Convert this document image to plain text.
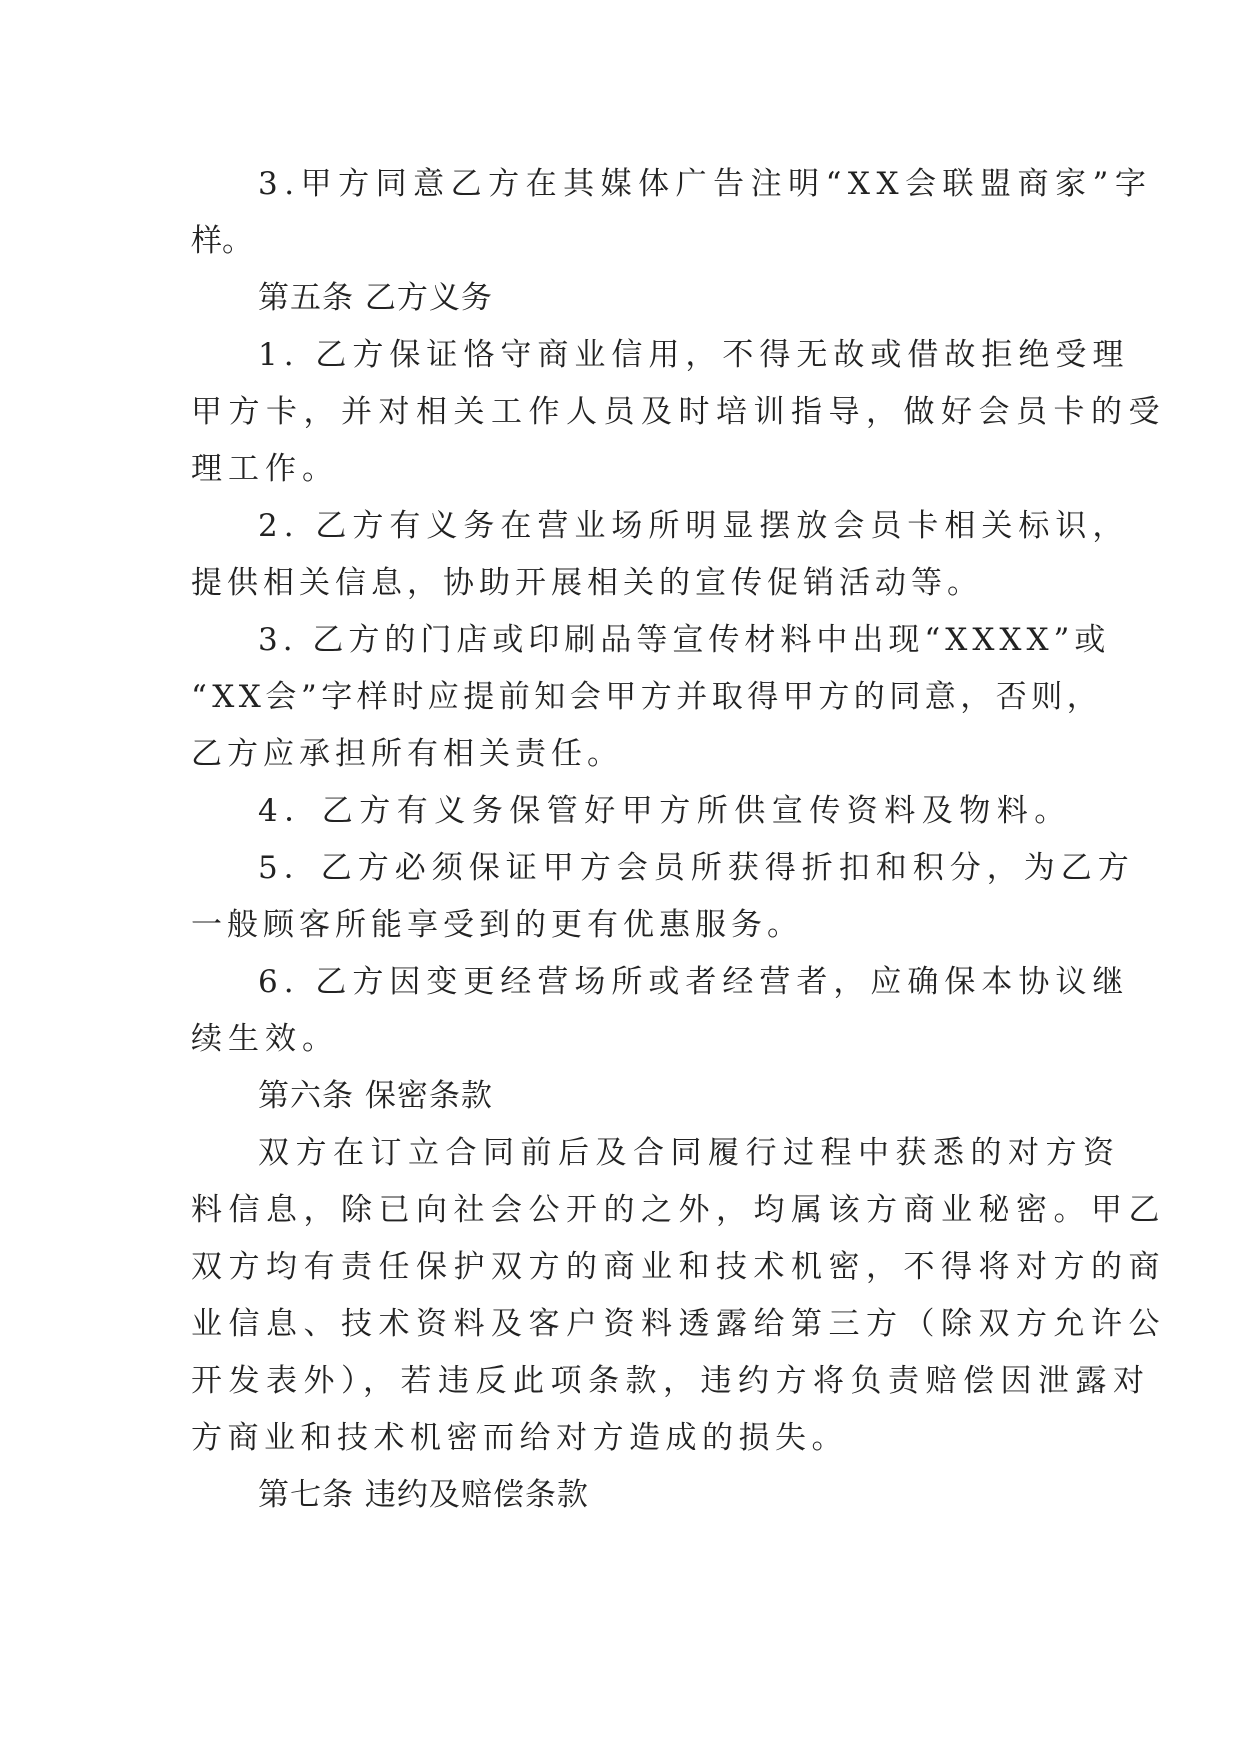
3.甲方同意乙方在其媒体广告注明“XX会联盟商家”字
样。
第五条 乙方义务
1. 乙方保证恪守商业信用，不得无故或借故拒绝受理
甲方卡，并对相关工作人员及时培训指导，做好会员卡的受
理工作。
2. 乙方有义务在营业场所明显摆放会员卡相关标识，
提供相关信息，协助开展相关的宣传促销活动等。
3. 乙方的门店或印刷品等宣传材料中出现“XXXX”或
“XX会”字样时应提前知会甲方并取得甲方的同意，否则，
乙方应承担所有相关责任。
4．乙方有义务保管好甲方所供宣传资料及物料。
5．乙方必须保证甲方会员所获得折扣和积分，为乙方
一般顾客所能享受到的更有优惠服务。
6. 乙方因变更经营场所或者经营者，应确保本协议继
续生效。
第六条 保密条款
双方在订立合同前后及合同履行过程中获悉的对方资
料信息，除已向社会公开的之外，均属该方商业秘密。甲乙
双方均有责任保护双方的商业和技术机密，不得将对方的商
业信息、技术资料及客户资料透露给第三方（除双方允许公
开发表外），若违反此项条款，违约方将负责赔偿因泄露对
方商业和技术机密而给对方造成的损失。
第七条 违约及赔偿条款
